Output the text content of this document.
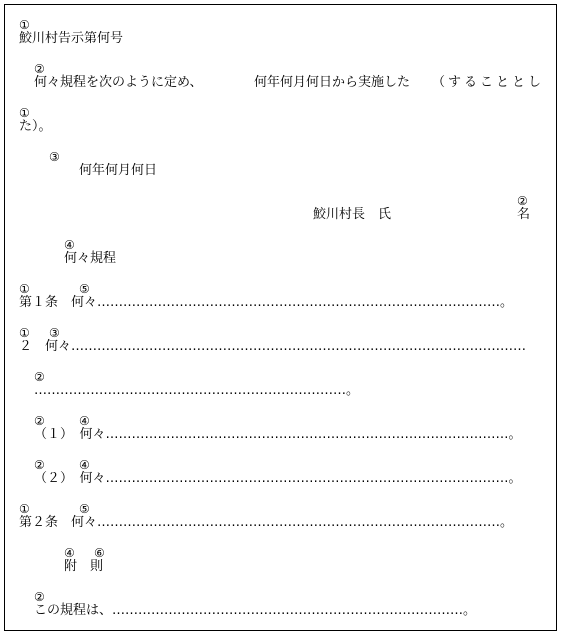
①
鮫川村告示第何号
②
何々規程を次のように定め、	何年何月何日から実施した （することとし
①
た）。
③
何年何月何日
鮫川村長　氏
②
名
④
何々規程
①	⑤
第１条　何々…………………………………………………………………………………。
① ③
２　何々……………………………………………………………………………………………
②
………………………………………………………………。
②	④
（１）　何々…………………………………………………………………………………。
②	④
（２）　何々…………………………………………………………………………………。
①	⑤
第２条　何々…………………………………………………………………………………。
④ ⑥
附　則
②
この規程は、………………………………………………………………………。
